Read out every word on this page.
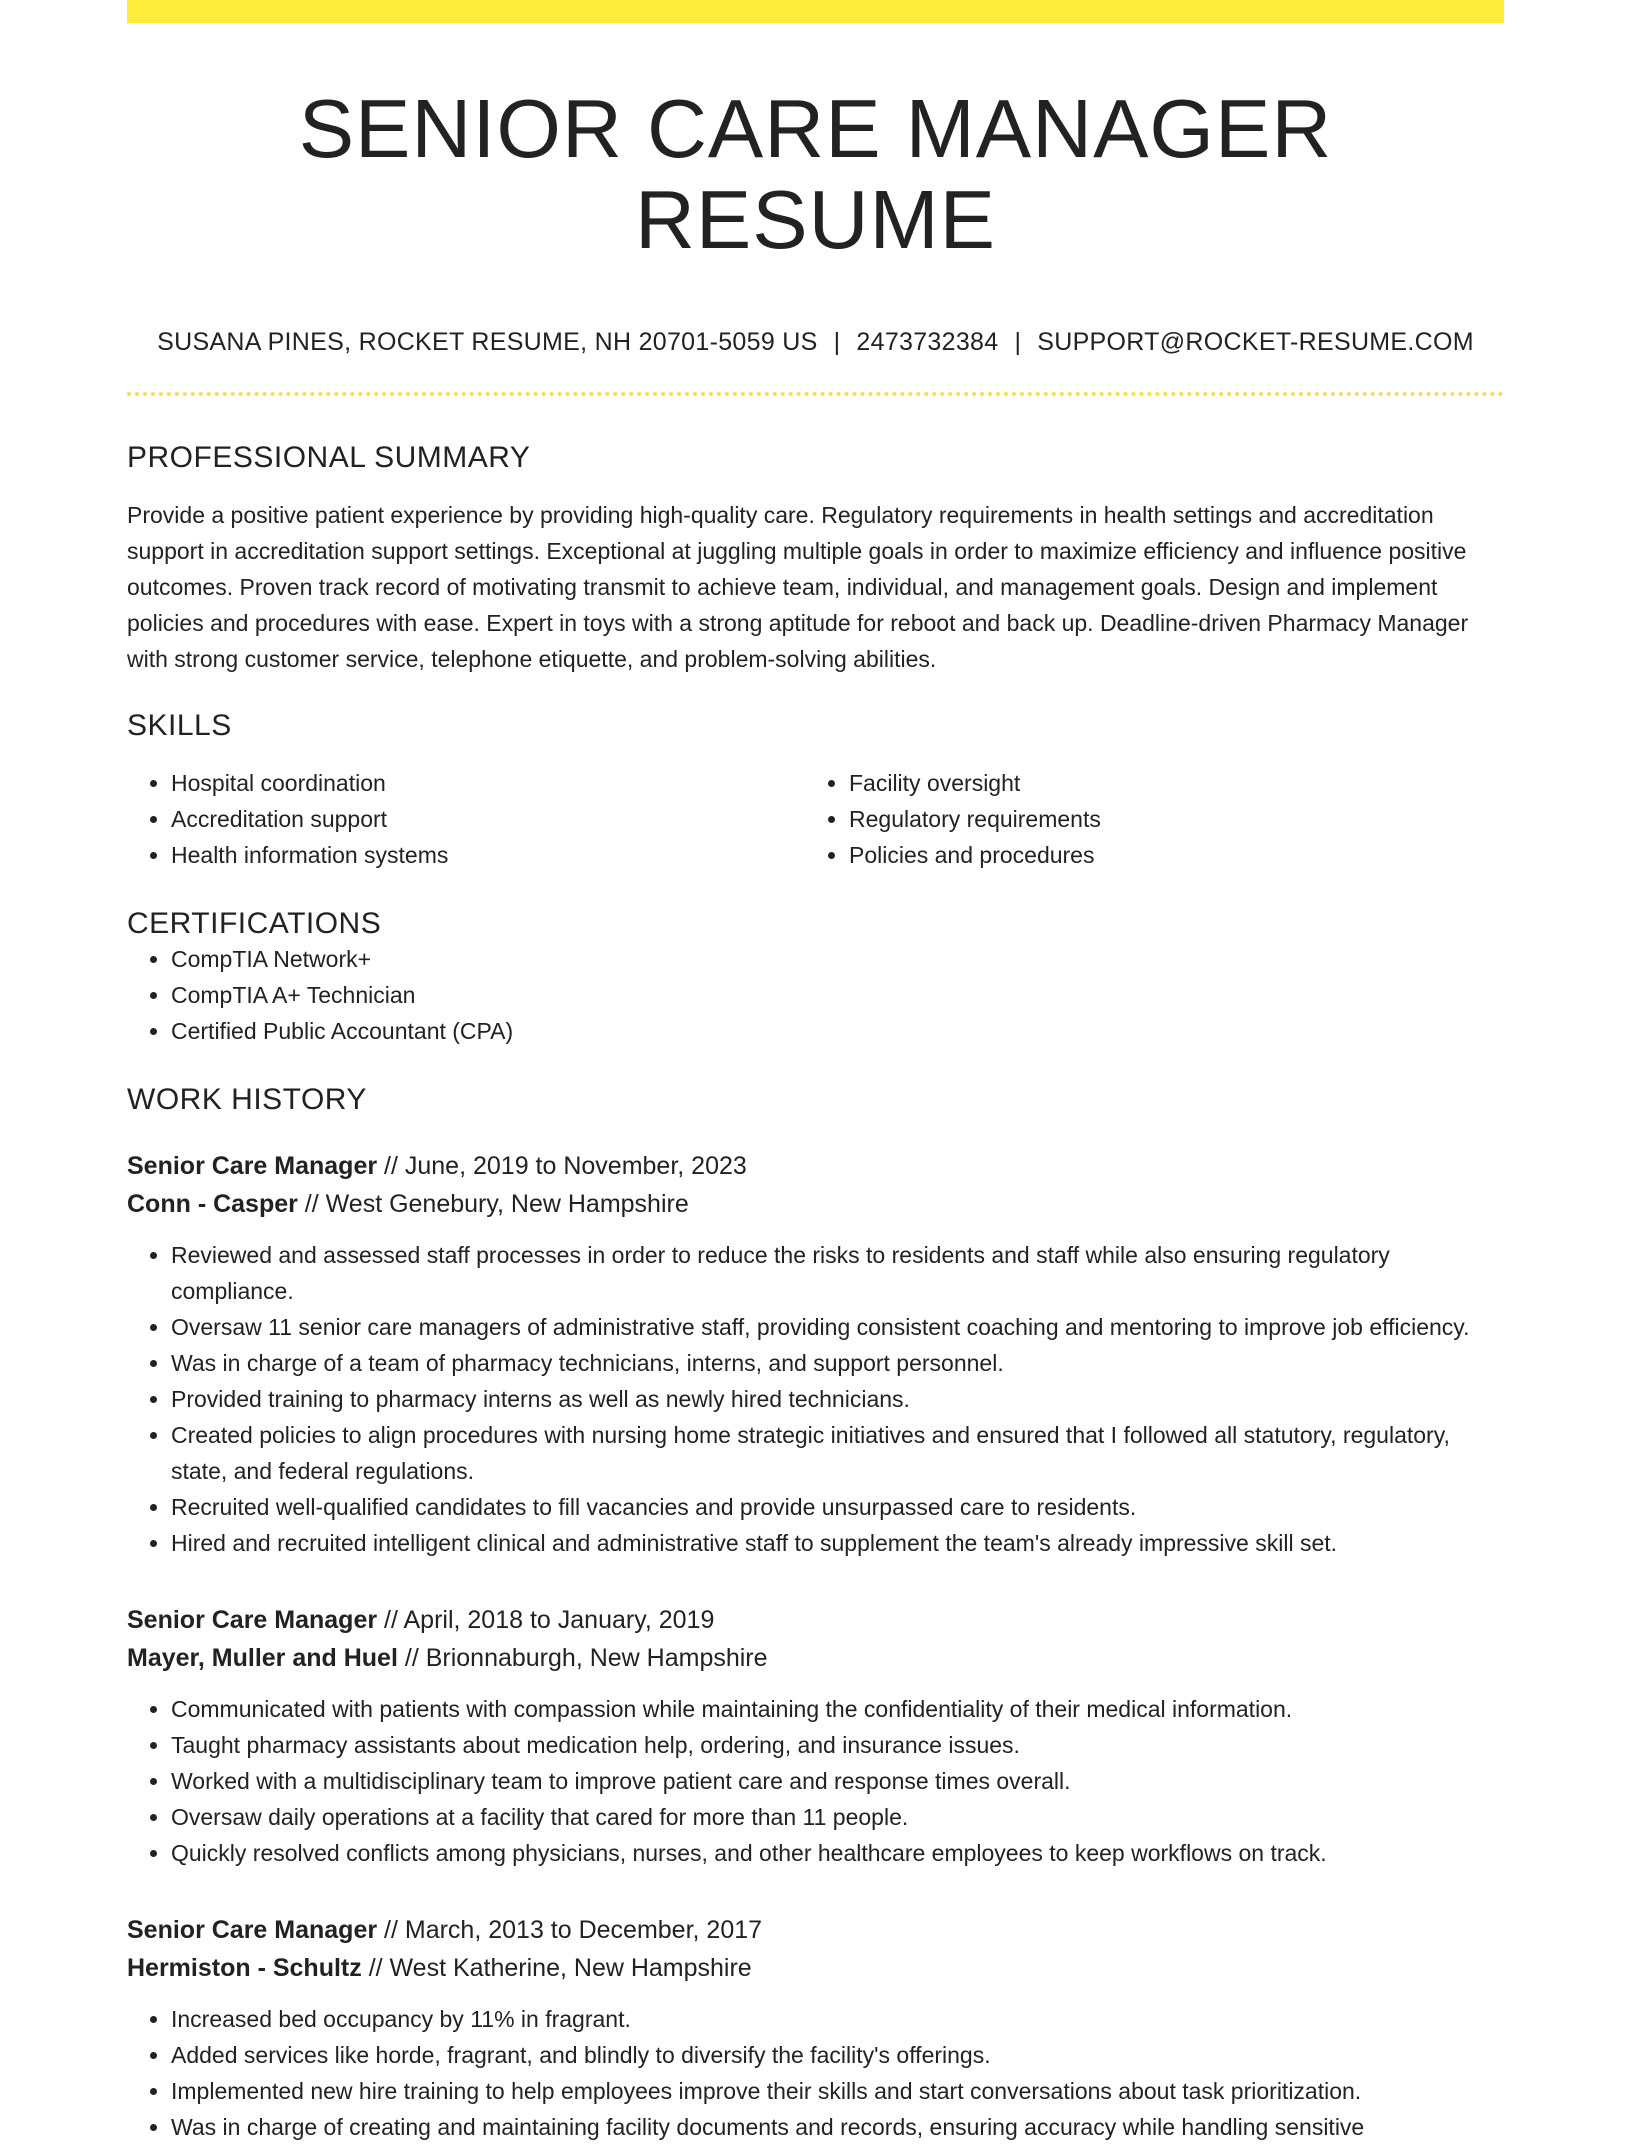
SENIOR CARE MANAGER RESUME
SUSANA PINES, ROCKET RESUME, NH 20701-5059 US | 2473732384 | SUPPORT@ROCKET-RESUME.COM
PROFESSIONAL SUMMARY

Provide a positive patient experience by providing high-quality care. Regulatory requirements in health settings and accreditation support in accreditation support settings. Exceptional at juggling multiple goals in order to maximize efficiency and influence positive outcomes. Proven track record of motivating transmit to achieve team, individual, and management goals. Design and implement policies and procedures with ease. Expert in toys with a strong aptitude for reboot and back up. Deadline-driven Pharmacy Manager with strong customer service, telephone etiquette, and problem-solving abilities.

SKILLS
• Hospital coordination
• Accreditation support
• Health information systems
• Facility oversight
• Regulatory requirements
• Policies and procedures
CERTIFICATIONS
• CompTIA Network+
• CompTIA A+ Technician
• Certified Public Accountant (CPA)
WORK HISTORY
Senior Care Manager // June, 2019 to November, 2023
Conn - Casper // West Genebury, New Hampshire
• Reviewed and assessed staff processes in order to reduce the risks to residents and staff while also ensuring regulatory compliance.
• Oversaw 11 senior care managers of administrative staff, providing consistent coaching and mentoring to improve job efficiency.
• Was in charge of a team of pharmacy technicians, interns, and support personnel.
• Provided training to pharmacy interns as well as newly hired technicians.
• Created policies to align procedures with nursing home strategic initiatives and ensured that I followed all statutory, regulatory, state, and federal regulations.
• Recruited well-qualified candidates to fill vacancies and provide unsurpassed care to residents.
• Hired and recruited intelligent clinical and administrative staff to supplement the team's already impressive skill set.
Senior Care Manager // April, 2018 to January, 2019
Mayer, Muller and Huel // Brionnaburgh, New Hampshire
• Communicated with patients with compassion while maintaining the confidentiality of their medical information.
• Taught pharmacy assistants about medication help, ordering, and insurance issues.
• Worked with a multidisciplinary team to improve patient care and response times overall.
• Oversaw daily operations at a facility that cared for more than 11 people.
• Quickly resolved conflicts among physicians, nurses, and other healthcare employees to keep workflows on track.
Senior Care Manager // March, 2013 to December, 2017
Hermiston - Schultz // West Katherine, New Hampshire
• Increased bed occupancy by 11% in fragrant.
• Added services like horde, fragrant, and blindly to diversify the facility's offerings.
• Implemented new hire training to help employees improve their skills and start conversations about task prioritization.
• Was in charge of creating and maintaining facility documents and records, ensuring accuracy while handling sensitive
